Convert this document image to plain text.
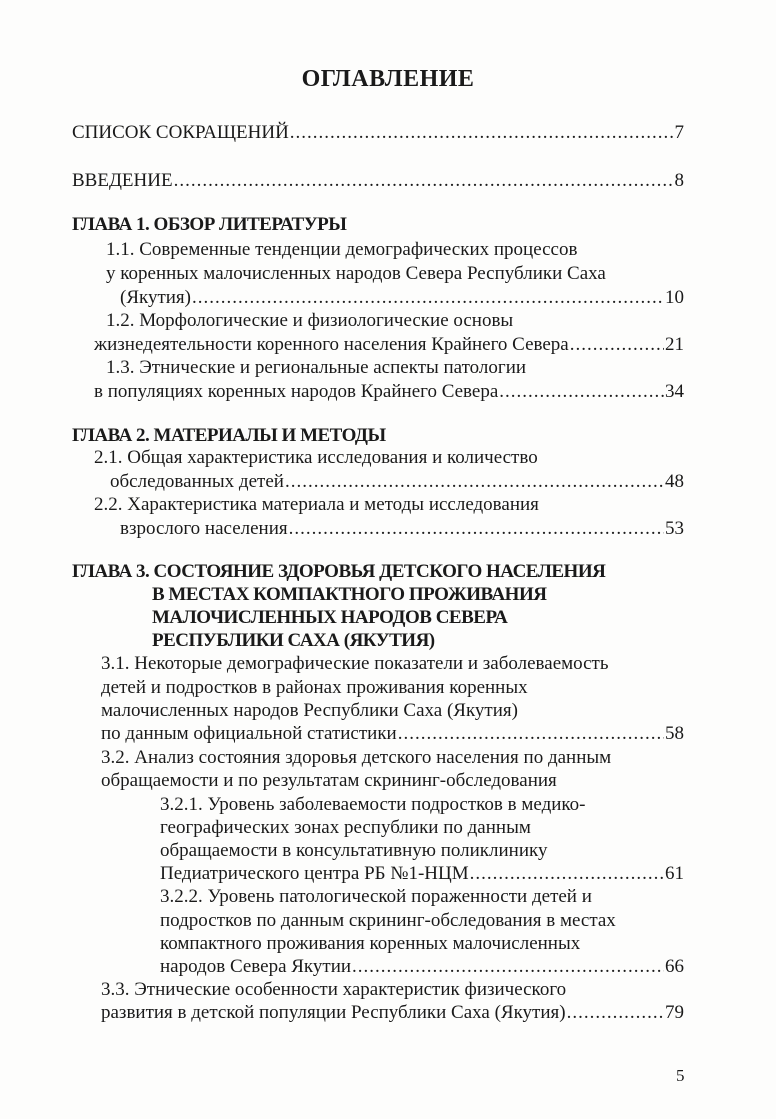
ОГЛАВЛЕНИЕ
СПИСОК СОКРАЩЕНИЙ .....	7
ВВЕДЕНИЕ .....	8
ГЛАВА 1. ОБЗОР ЛИТЕРАТУРЫ
1.1. Современные тенденции демографических процессов
у коренных малочисленных народов Севера Республики Саха
(Якутия) .....	10
1.2. Морфологические и физиологические основы
жизнедеятельности коренного населения Крайнего Севера .....	21
1.3. Этнические и региональные аспекты патологии
в популяциях коренных народов Крайнего Севера .....	34
ГЛАВА 2. МАТЕРИАЛЫ И МЕТОДЫ
2.1. Общая характеристика исследования и количество
обследованных детей .....	48
2.2. Характеристика материала и методы исследования
взрослого населения .....	53
ГЛАВА 3. СОСТОЯНИЕ ЗДОРОВЬЯ ДЕТСКОГО НАСЕЛЕНИЯ
В МЕСТАХ КОМПАКТНОГО ПРОЖИВАНИЯ
МАЛОЧИСЛЕННЫХ НАРОДОВ СЕВЕРА
РЕСПУБЛИКИ САХА (ЯКУТИЯ)
3.1. Некоторые демографические показатели и заболеваемость
детей и подростков в районах проживания коренных
малочисленных народов Республики Саха (Якутия)
по данным официальной статистики .....	58
3.2. Анализ состояния здоровья детского населения по данным
обращаемости и по результатам скрининг-обследования
3.2.1. Уровень заболеваемости подростков в медико-
географических зонах республики по данным
обращаемости в консультативную поликлинику
Педиатрического центра РБ №1-НЦМ .....	61
3.2.2. Уровень патологической пораженности детей и
подростков по данным скрининг-обследования в местах
компактного проживания коренных малочисленных
народов Севера Якутии .....	66
3.3. Этнические особенности характеристик физического
развития в детской популяции Республики Саха (Якутия) .....	79
5
